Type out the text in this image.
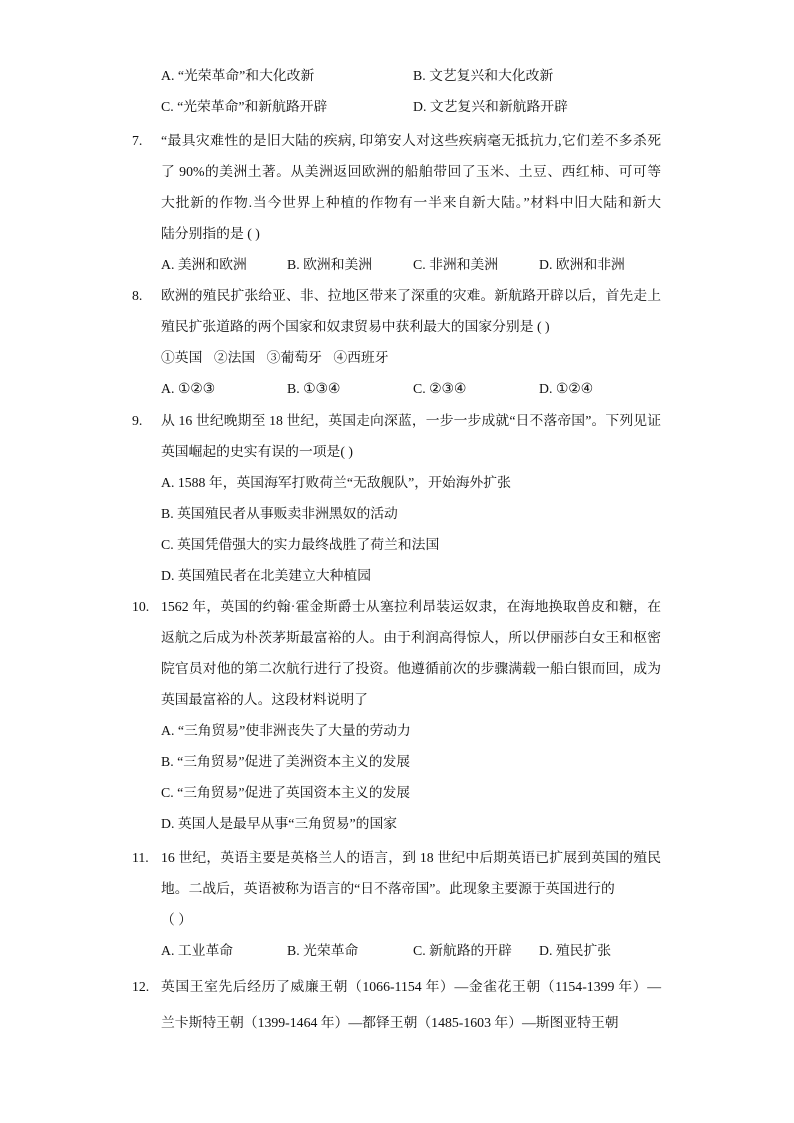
A. “光荣革命”和大化改新	B. 文艺复兴和大化改新
C. “光荣革命”和新航路开辟	D. 文艺复兴和新航路开辟
7. “最具灾难性的是旧大陆的疾病, 印第安人对这些疾病毫无抵抗力,它们差不多杀死
了 90%的美洲土著。从美洲返回欧洲的船舶带回了玉米、土豆、西红柿、可可等
大批新的作物.当今世界上种植的作物有一半来自新大陆。”材料中旧大陆和新大
陆分别指的是 ( )
A. 美洲和欧洲	B. 欧洲和美洲	C. 非洲和美洲	D. 欧洲和非洲
8. 欧洲的殖民扩张给亚、非、拉地区带来了深重的灾难。新航路开辟以后，首先走上
殖民扩张道路的两个国家和奴隶贸易中获利最大的国家分别是 ( )
①英国 ②法国 ③葡萄牙 ④西班牙
A. ①②③	B. ①③④	C. ②③④	D. ①②④
9. 从 16 世纪晚期至 18 世纪，英国走向深蓝，一步一步成就“日不落帝国”。下列见证
英国崛起的史实有误的一项是( )
A. 1588 年，英国海军打败荷兰“无敌舰队”，开始海外扩张
B. 英国殖民者从事贩卖非洲黑奴的活动
C. 英国凭借强大的实力最终战胜了荷兰和法国
D. 英国殖民者在北美建立大种植园
10. 1562 年，英国的约翰·霍金斯爵士从塞拉利昂装运奴隶，在海地换取兽皮和糖，在
返航之后成为朴茨茅斯最富裕的人。由于利润高得惊人，所以伊丽莎白女王和枢密
院官员对他的第二次航行进行了投资。他遵循前次的步骤满载一船白银而回，成为
英国最富裕的人。这段材料说明了
A. “三角贸易”使非洲丧失了大量的劳动力
B. “三角贸易”促进了美洲资本主义的发展
C. “三角贸易”促进了英国资本主义的发展
D. 英国人是最早从事“三角贸易”的国家
11. 16 世纪，英语主要是英格兰人的语言，到 18 世纪中后期英语已扩展到英国的殖民
地。二战后，英语被称为语言的“日不落帝国”。此现象主要源于英国进行的
（ ）
A. 工业革命	B. 光荣革命	C. 新航路的开辟 D. 殖民扩张
12. 英国王室先后经历了威廉王朝（1066-1154 年）—金雀花王朝（1154-1399 年）—
兰卡斯特王朝（1399-1464 年）—都铎王朝（1485-1603 年）—斯图亚特王朝
